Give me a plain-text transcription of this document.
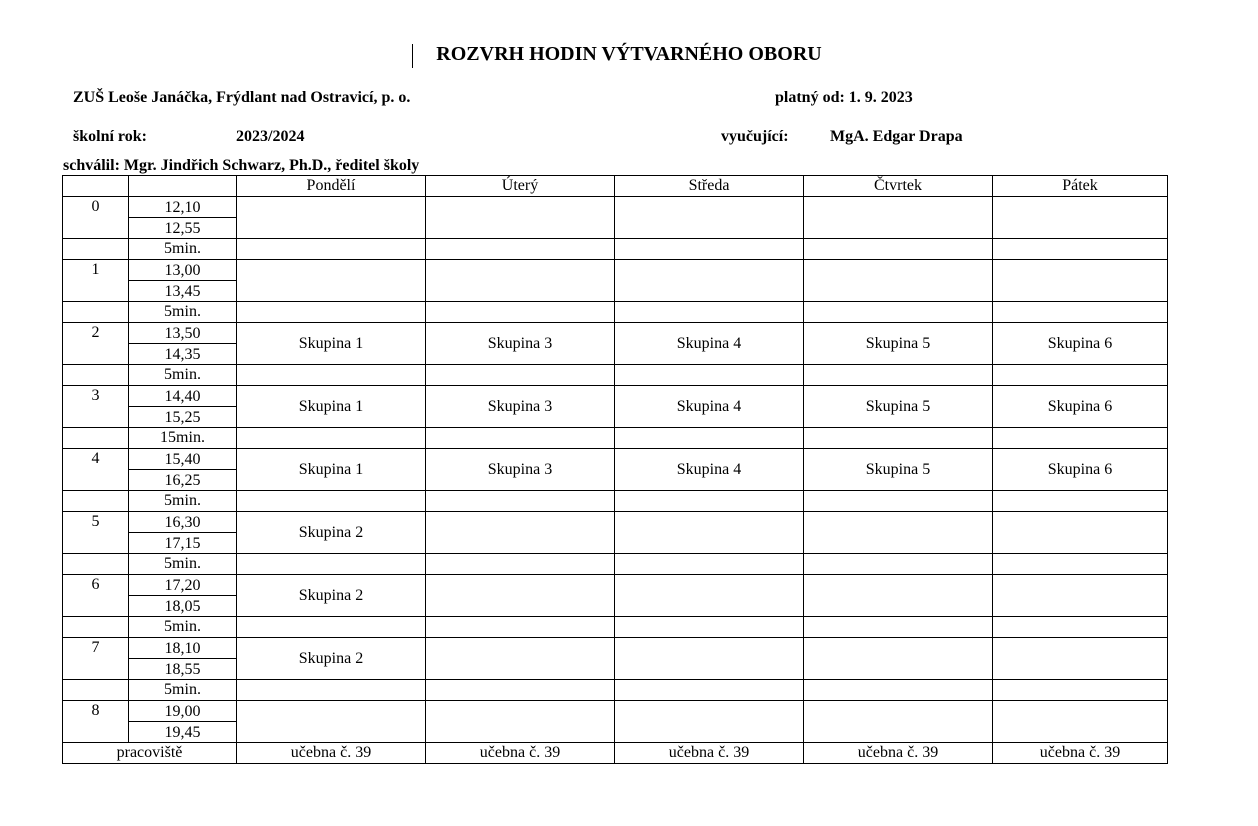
ROZVRH HODIN VÝTVARNÉHO OBORU
ZUŠ Leoše Janáčka, Frýdlant nad Ostravicí, p. o.	platný od: 1. 9. 2023
školní rok:	2023/2024	vyučující:	MgA. Edgar Drapa
schválil: Mgr. Jindřich Schwarz, Ph.D., ředitel školy
		Pondělí	Úterý	Středa	Čtvrtek	Pátek
0	12,10					
	12,55					
	5min.					
1	13,00					
	13,45					
	5min.					
2	13,50	Skupina 1	Skupina 3	Skupina 4	Skupina 5	Skupina 6
	14,35					
	5min.					
3	14,40	Skupina 1	Skupina 3	Skupina 4	Skupina 5	Skupina 6
	15,25					
	15min.					
4	15,40	Skupina 1	Skupina 3	Skupina 4	Skupina 5	Skupina 6
	16,25					
	5min.					
5	16,30	Skupina 2				
	17,15					
	5min.					
6	17,20	Skupina 2				
	18,05					
	5min.					
7	18,10	Skupina 2				
	18,55					
	5min.					
8	19,00					
	19,45					
pracoviště		učebna č. 39	učebna č. 39	učebna č. 39	učebna č. 39	učebna č. 39
